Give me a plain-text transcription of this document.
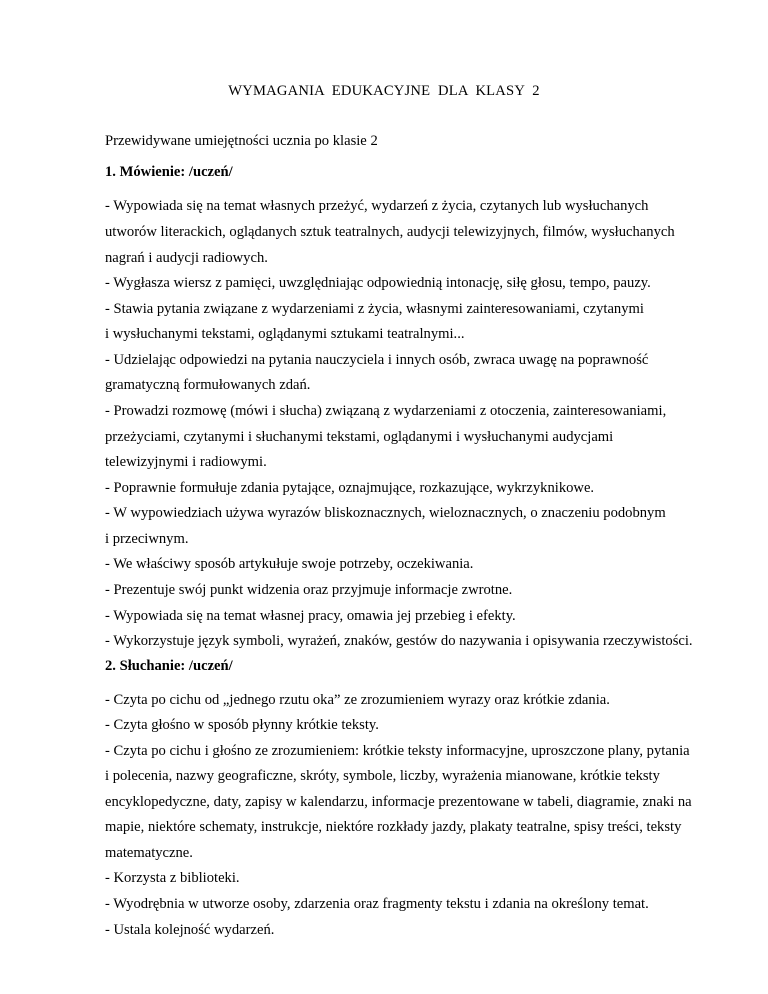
WYMAGANIA  EDUKACYJNE  DLA  KLASY  2
Przewidywane umiejętności ucznia po klasie 2
1. Mówienie: /uczeń/
- Wypowiada się na temat własnych przeżyć, wydarzeń z życia, czytanych lub wysłuchanych
utworów literackich, oglądanych sztuk teatralnych, audycji telewizyjnych, filmów, wysłuchanych
nagrań i audycji radiowych.
- Wygłasza wiersz z pamięci, uwzględniając odpowiednią intonację, siłę głosu, tempo, pauzy.
- Stawia pytania związane z wydarzeniami z życia, własnymi zainteresowaniami, czytanymi
i wysłuchanymi tekstami, oglądanymi sztukami teatralnymi...
- Udzielając odpowiedzi na pytania nauczyciela i innych osób, zwraca uwagę na poprawność
gramatyczną formułowanych zdań.
- Prowadzi rozmowę (mówi i słucha) związaną z wydarzeniami z otoczenia, zainteresowaniami,
przeżyciami, czytanymi i słuchanymi tekstami, oglądanymi i wysłuchanymi audycjami
telewizyjnymi i radiowymi.
- Poprawnie formułuje zdania pytające, oznajmujące, rozkazujące, wykrzyknikowe.
- W wypowiedziach używa wyrazów bliskoznacznych, wieloznacznych, o znaczeniu podobnym
i przeciwnym.
- We właściwy sposób artykułuje swoje potrzeby, oczekiwania.
- Prezentuje swój punkt widzenia oraz przyjmuje informacje zwrotne.
- Wypowiada się na temat własnej pracy, omawia jej przebieg i efekty.
- Wykorzystuje język symboli, wyrażeń, znaków, gestów do nazywania i opisywania rzeczywistości.
2. Słuchanie: /uczeń/
- Czyta po cichu od „jednego rzutu oka” ze zrozumieniem wyrazy oraz krótkie zdania.
- Czyta głośno w sposób płynny krótkie teksty.
- Czyta po cichu i głośno ze zrozumieniem: krótkie teksty informacyjne, uproszczone plany, pytania
i polecenia, nazwy geograficzne, skróty, symbole, liczby, wyrażenia mianowane, krótkie teksty
encyklopedyczne, daty, zapisy w kalendarzu, informacje prezentowane w tabeli, diagramie, znaki na
mapie, niektóre schematy, instrukcje, niektóre rozkłady jazdy, plakaty teatralne, spisy treści, teksty
matematyczne.
- Korzysta z biblioteki.
- Wyodrębnia w utworze osoby, zdarzenia oraz fragmenty tekstu i zdania na określony temat.
- Ustala kolejność wydarzeń.
